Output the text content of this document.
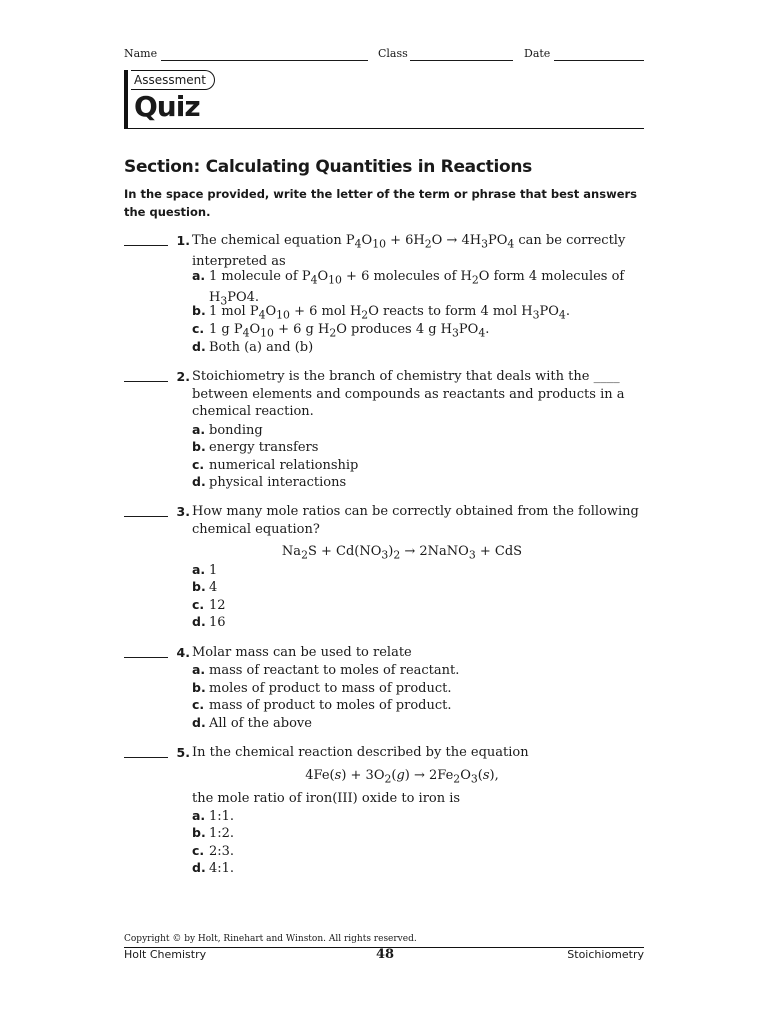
Name	Class	Date
Assessment
Quiz
Section: Calculating Quantities in Reactions
In the space provided, write the letter of the term or phrase that best answers the question.
1. The chemical equation $P_4O_{10} + 6H_2O \to 4H_3PO_4$ can be correctly
interpreted as
a. 1 molecule of $P_4O_{10} + 6$ molecules of $H_2O$ form 4 molecules of
$H_3PO4$.
b. 1 mol $P_4O_{10} + 6$ mol $H_2O$ reacts to form 4 mol $H_3PO_4$.
c. 1 g $P_4O_{10} + 6$ g $H_2O$ produces 4 g $H_3PO_4$.
d. Both (a) and (b)
2. Stoichiometry is the branch of chemistry that deals with the ____
between elements and compounds as reactants and products in a
chemical reaction.
a. bonding
b. energy transfers
c. numerical relationship
d. physical interactions
3. How many mole ratios can be correctly obtained from the following
chemical equation?
$Na_2S + Cd(NO_3)_2$ → 2NaNO$_3$ + CdS
a. 1
b. 4
c. 12
d. 16
4. Molar mass can be used to relate
a. mass of reactant to moles of reactant.
b. moles of product to mass of product.
c. mass of product to moles of product.
d. All of the above
5. In the chemical reaction described by the equation
$4Fe(s) + 3O_2(g) \to 2Fe_2O_3(s)$,
the mole ratio of iron(III) oxide to iron is
a. 1:1.
b. 1:2.
c. 2:3.
d. 4:1.
Copyright © by Holt, Rinehart and Winston. All rights reserved.
Holt Chemistry	48	Stoichiometry
